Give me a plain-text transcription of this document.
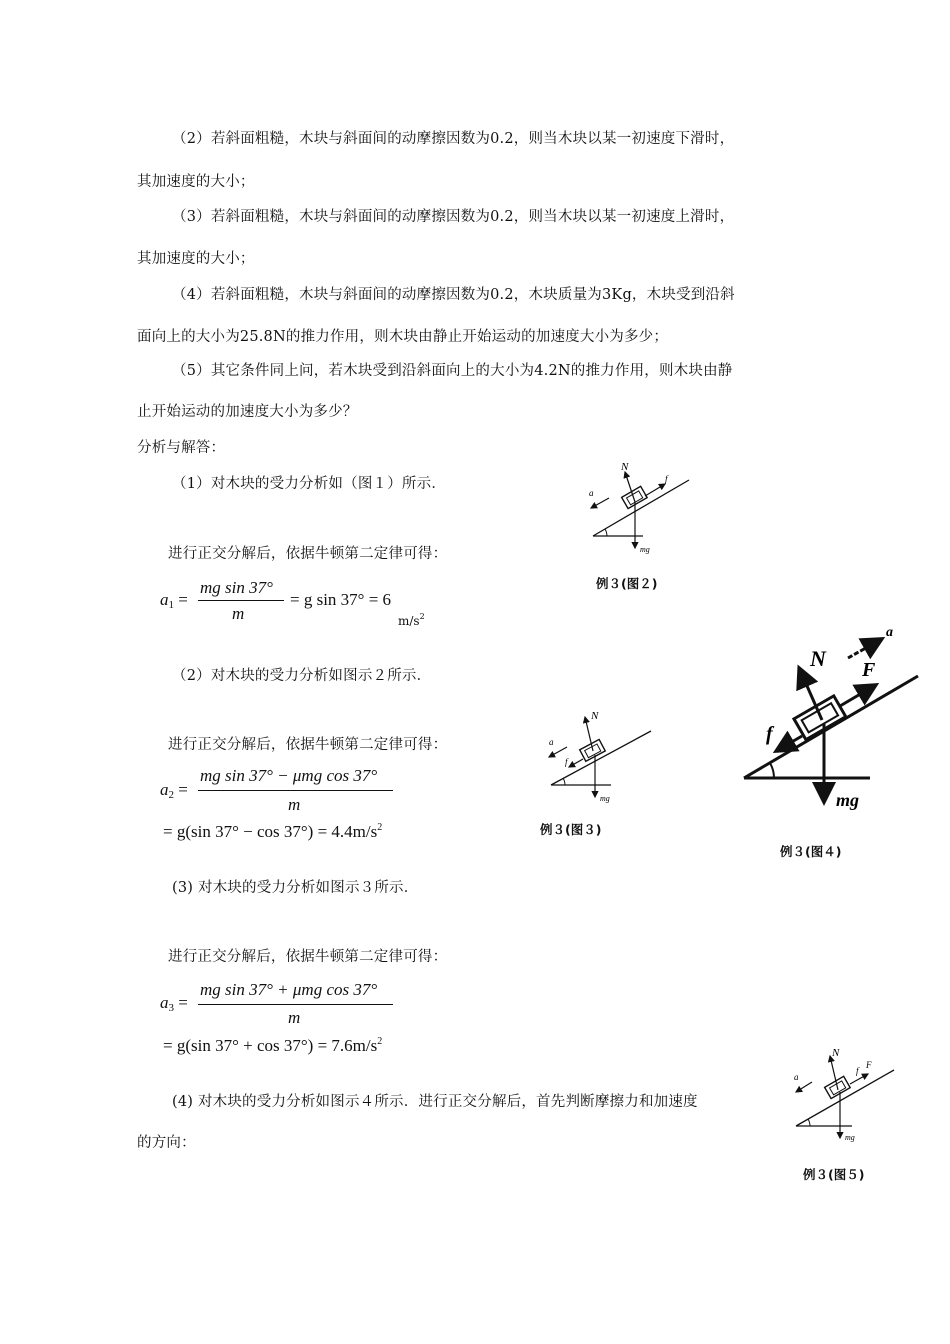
（2）若斜面粗糙，木块与斜面间的动摩擦因数为0.2，则当木块以某一初速度下滑时，
其加速度的大小；
（3）若斜面粗糙，木块与斜面间的动摩擦因数为0.2，则当木块以某一初速度上滑时，
其加速度的大小；
（4）若斜面粗糙，木块与斜面间的动摩擦因数为0.2，木块质量为3Kg，木块受到沿斜
面向上的大小为25.8N的推力作用，则木块由静止开始运动的加速度大小为多少；
（5）其它条件同上问，若木块受到沿斜面向上的大小为4.2N的推力作用，则木块由静
止开始运动的加速度大小为多少？
分析与解答：
（1）对木块的受力分析如（图１）所示．
进行正交分解后，依据牛顿第二定律可得：
$a_1$ =
mg sin 37°
m
= g sin 37° = 6
$m/s^2$
（2）对木块的受力分析如图示２所示．
进行正交分解后，依据牛顿第二定律可得：
$a_2$ =
mg sin 37° − μmg cos 37°
m
= g(sin $37^\circ - \cos 37^\circ) = 4.4m/s^2$
(3) 对木块的受力分析如图示３所示．
进行正交分解后，依据牛顿第二定律可得：
$a_3$ =
mg sin 37° + μmg cos 37°
m
= g(sin $37^\circ + \cos 37^\circ) = 7.6m/s^2$
(4) 对木块的受力分析如图示４所示．进行正交分解后，首先判断摩擦力和加速度
的方向：
N
f
a
mg
例３(图２)
N
f
a
mg
例３(图３)
N F
f
a
mg
例３(图４)
N
f
F
a
mg
例３(图５)
